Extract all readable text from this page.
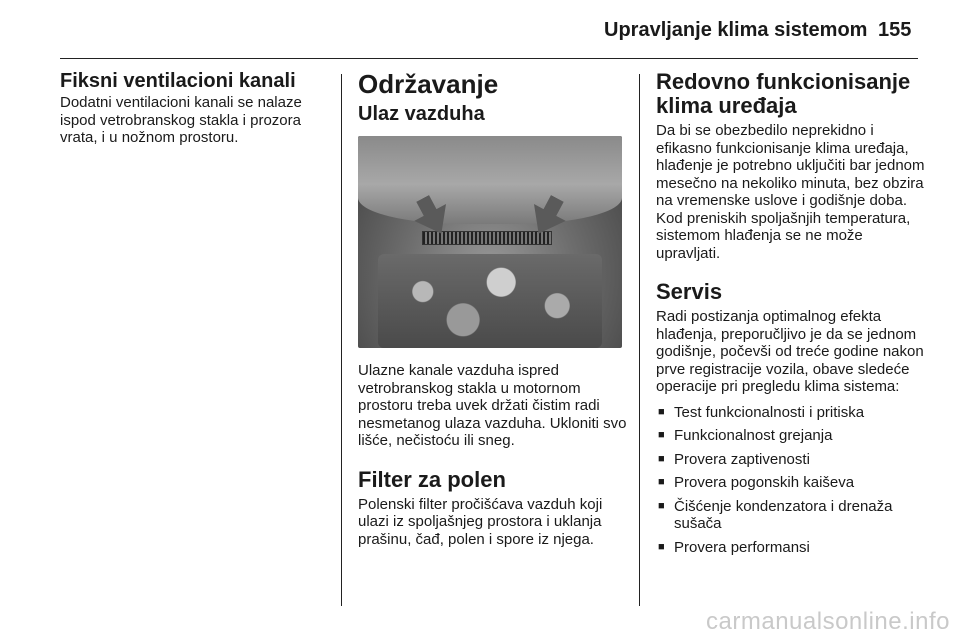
Upravljanje klima sistemom 155
Fiksni ventilacioni kanali

Dodatni ventilacioni kanali se nalaze ispod vetrobranskog stakla i prozora vrata, i u nožnom prostoru.

Održavanje
Ulaz vazduha

Ulazne kanale vazduha ispred vetrobranskog stakla u motornom prostoru treba uvek držati čistim radi nesmetanog ulaza vazduha. Ukloniti svo lišće, nečistoću ili sneg.

Filter za polen

Polenski filter pročišćava vazduh koji ulazi iz spoljašnjeg prostora i uklanja prašinu, čađ, polen i spore iz njega.

Redovno funkcionisanje klima uređaja

Da bi se obezbedilo neprekidno i efikasno funkcionisanje klima uređaja, hlađenje je potrebno uključiti bar jednom mesečno na nekoliko minuta, bez obzira na vremenske uslove i godišnje doba. Kod preniskih spoljašnjih temperatura, sistemom hlađenja se ne može upravljati.

Servis

Radi postizanja optimalnog efekta hlađenja, preporučljivo je da se jednom godišnje, počevši od treće godine nakon prve registracije vozila, obave sledeće operacije pri pregledu klima sistema:

■ Test funkcionalnosti i pritiska
■ Funkcionalnost grejanja
■ Provera zaptivenosti
■ Provera pogonskih kaiševa
■ Čišćenje kondenzatora i drenaža sušača
■ Provera performansi
carmanualsonline.info
